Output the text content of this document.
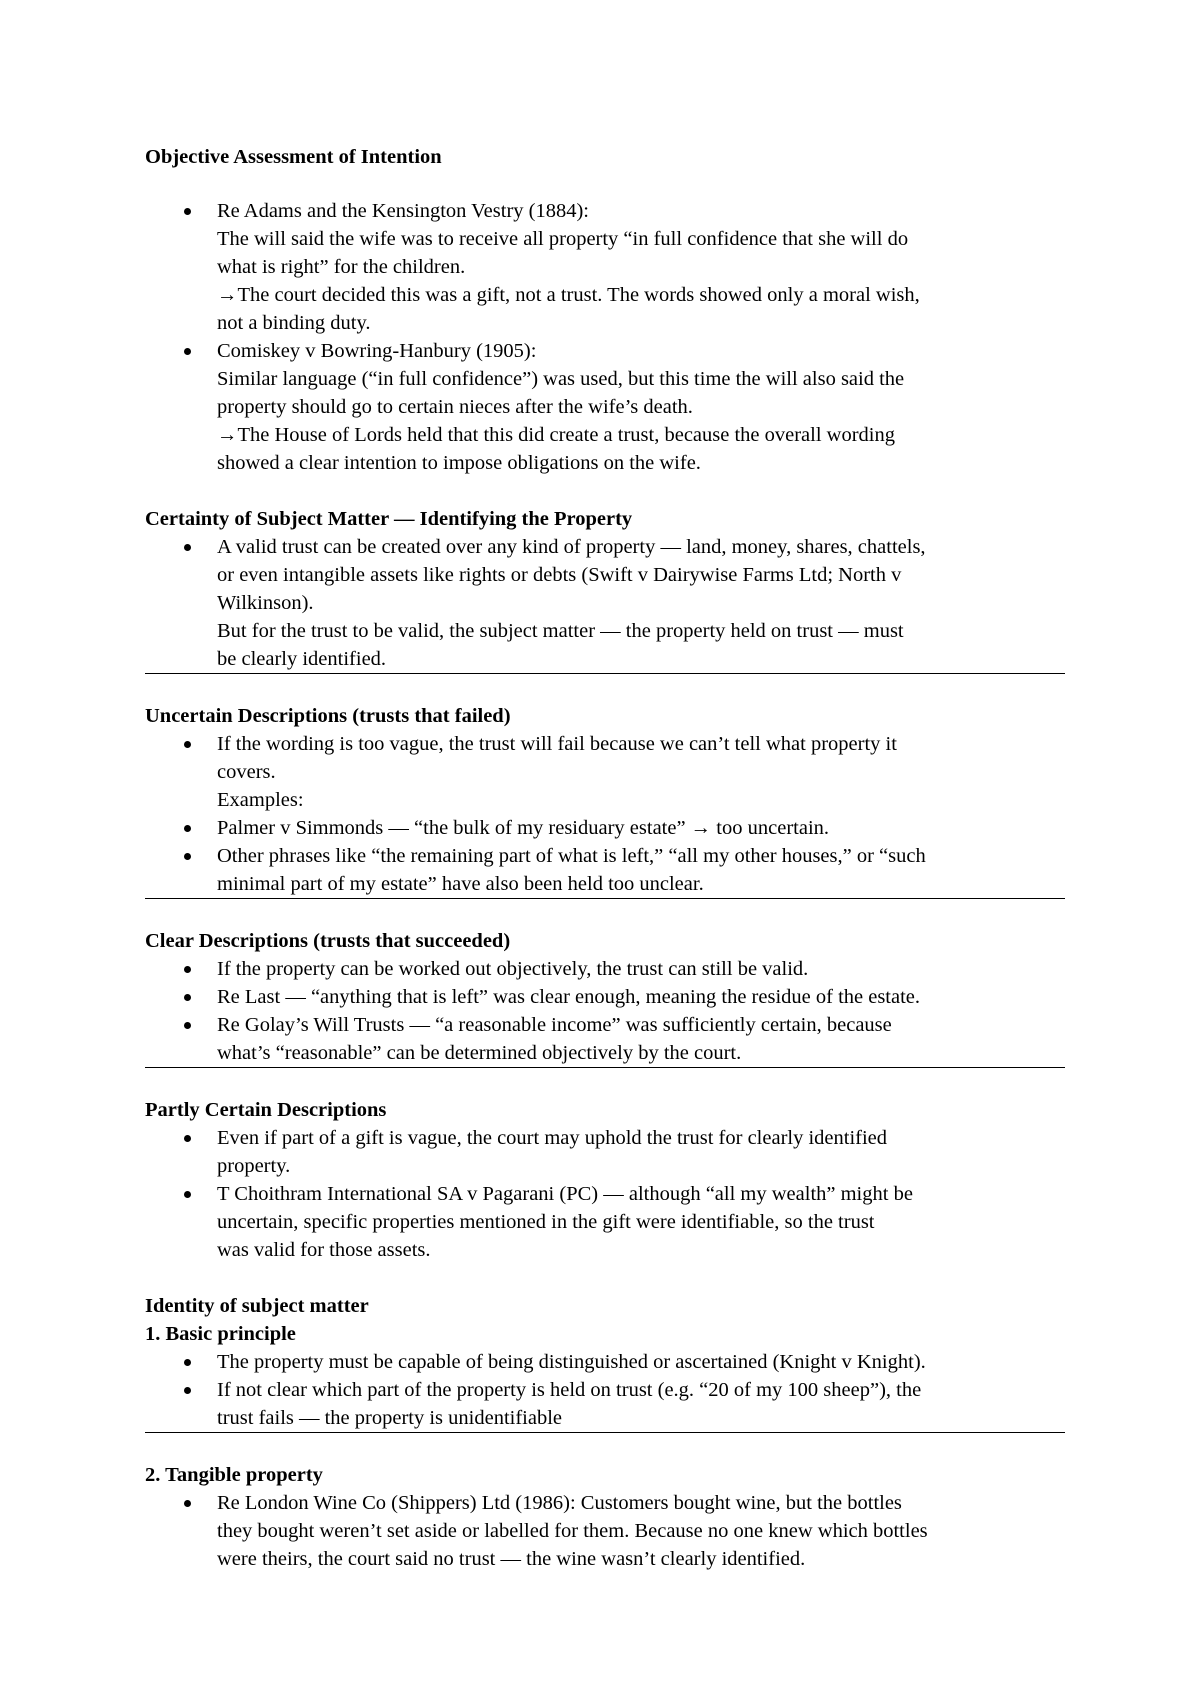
Objective Assessment of Intention

Re Adams and the Kensington Vestry (1884):
The will said the wife was to receive all property “in full confidence that she will do
what is right” for the children.
→The court decided this was a gift, not a trust. The words showed only a moral wish,
not a binding duty.
Comiskey v Bowring-Hanbury (1905):
Similar language (“in full confidence”) was used, but this time the will also said the
property should go to certain nieces after the wife’s death.
→The House of Lords held that this did create a trust, because the overall wording
showed a clear intention to impose obligations on the wife.

Certainty of Subject Matter — Identifying the Property

A valid trust can be created over any kind of property — land, money, shares, chattels,
or even intangible assets like rights or debts (Swift v Dairywise Farms Ltd; North v
Wilkinson).
But for the trust to be valid, the subject matter — the property held on trust — must
be clearly identified.

Uncertain Descriptions (trusts that failed)

If the wording is too vague, the trust will fail because we can’t tell what property it
covers.
Examples:
Palmer v Simmonds — “the bulk of my residuary estate” → too uncertain.
Other phrases like “the remaining part of what is left,” “all my other houses,” or “such
minimal part of my estate” have also been held too unclear.

Clear Descriptions (trusts that succeeded)

If the property can be worked out objectively, the trust can still be valid.
Re Last — “anything that is left” was clear enough, meaning the residue of the estate.
Re Golay’s Will Trusts — “a reasonable income” was sufficiently certain, because
what’s “reasonable” can be determined objectively by the court.

Partly Certain Descriptions

Even if part of a gift is vague, the court may uphold the trust for clearly identified
property.
T Choithram International SA v Pagarani (PC) — although “all my wealth” might be
uncertain, specific properties mentioned in the gift were identifiable, so the trust
was valid for those assets.

Identity of subject matter

1. Basic principle

The property must be capable of being distinguished or ascertained (Knight v Knight).
If not clear which part of the property is held on trust (e.g. “20 of my 100 sheep”), the
trust fails — the property is unidentifiable

2. Tangible property

Re London Wine Co (Shippers) Ltd (1986): Customers bought wine, but the bottles
they bought weren’t set aside or labelled for them. Because no one knew which bottles
were theirs, the court said no trust — the wine wasn’t clearly identified.
